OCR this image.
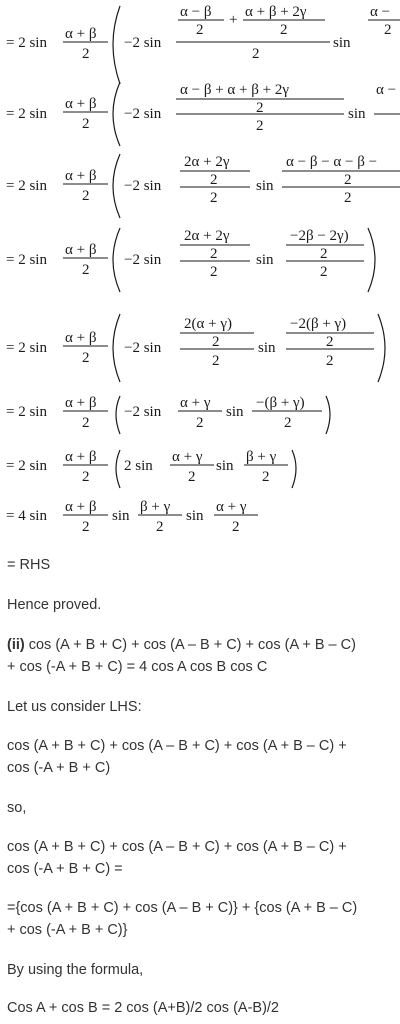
= 2 sin
α + β
2
−2 sin
α − β
2
+ α + β + 2γ
2
2
sin
α −
2
= 2 sin
α + β
2
−2 sin
α − β + α + β + 2γ
2
2
sin
α −
= 2 sin
α + β
2
−2 sin
2α + 2γ
2
2
sin
α − β − α − β −
2
2
= 2 sin
α + β
2
−2 sin
2α + 2γ
2
2
sin
−2β − 2γ)
2
2
= 2 sin
α + β
2
−2 sin
2(α + γ)
2
2
sin
−2(β + γ)
2
2
= 2 sin
α + β
2
−2 sin
α + γ
2
sin
−(β + γ)
2
= 2 sin
α + β
2
2 sin
α + γ
2
sin
β + γ
2
= 4 sin
α + β
2
sin
β + γ
2
sin
α + γ
2
= RHS
Hence proved.
(ii) cos (A + B + C) + cos (A – B + C) + cos (A + B – C)
+ cos (-A + B + C) = 4 cos A cos B cos C
Let us consider LHS:
cos (A + B + C) + cos (A – B + C) + cos (A + B – C) +
cos (-A + B + C)
so,
cos (A + B + C) + cos (A – B + C) + cos (A + B – C) +
cos (-A + B + C) =
={cos (A + B + C) + cos (A – B + C)} + {cos (A + B – C)
+ cos (-A + B + C)}
By using the formula,
Cos A + cos B = 2 cos (A+B)/2 cos (A-B)/2
